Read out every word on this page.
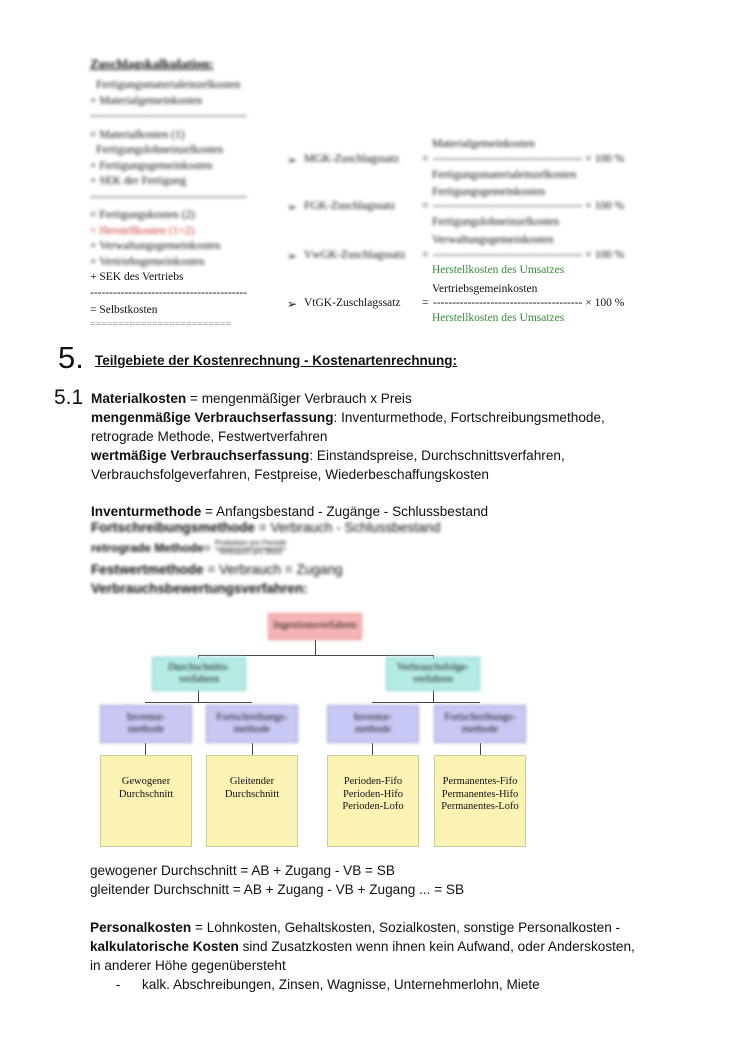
Zuschlagskalkulation:
Fertigungsmaterialeinzelkosten
+ Materialgemeinkosten
-----------------------------------------
= Materialkosten (1)
Fertigungslohneinzelkosten
+ Fertigungsgemeinkosten
+ SEK der Fertigung
-----------------------------------------
= Fertigungskosten (2)
= Herstellkosten (1+2)
+ Verwaltungsgemeinkosten
+ Vertriebsgemeinkosten
+ SEK des Vertriebs
-----------------------------------------
= Selbstkosten
=========================
Materialgemeinkosten
➢ MGK-Zuschlagssatz = --------------------------------------- × 100 %
Fertigungsmaterialeinzelkosten
Fertigungsgemeinkosten
➢ FGK-Zuschlagssatz = --------------------------------------- × 100 %
Fertigungslohneinzelkosten
Verwaltungsgemeinkosten
➢ VwGK-Zuschlagssatz = --------------------------------------- × 100 %
Herstellkosten des Umsatzes
Vertriebsgemeinkosten
➢ VtGK-Zuschlagssatz = --------------------------------------- × 100 %
Herstellkosten des Umsatzes
5. Teilgebiete der Kostenrechnung - Kostenartenrechnung:
5.1 Materialkosten = mengenmäßiger Verbrauch x Preis
mengenmäßige Verbrauchserfassung: Inventurmethode, Fortschreibungsmethode,
retrograde Methode, Festwertverfahren
wertmäßige Verbrauchserfassung: Einstandspreise, Durchschnittsverfahren,
Verbrauchsfolgeverfahren, Festpreise, Wiederbeschaffungskosten
Inventurmethode = Anfangsbestand - Zugänge - Schlussbestand
Fortschreibungsmethode = Verbrauch - Schlussbestand
retrograde Methode = Produktion pro Periode
Verbrauch pro Stück
Festwertmethode = Verbrauch = Zugang
Verbrauchsbewertungsverfahren:
Ingestionsverfahren
Durchschnitts-
verfahren
Verbrauchsfolge-
verfahren
Inventur-
methode
Fortschreibungs-
methode
Inventur-
methode
Fortschreibungs-
methode
Gewogener
Durchschnitt
Gleitender
Durchschnitt
Perioden-Fifo
Perioden-Hifo
Perioden-Lofo
Permanentes-Fifo
Permanentes-Hifo
Permanentes-Lofo
gewogener Durchschnitt = AB + Zugang - VB = SB
gleitender Durchschnitt = AB + Zugang - VB + Zugang ... = SB
Personalkosten = Lohnkosten, Gehaltskosten, Sozialkosten, sonstige Personalkosten -
kalkulatorische Kosten sind Zusatzkosten wenn ihnen kein Aufwand, oder Anderskosten,
in anderer Höhe gegenübersteht
-	kalk. Abschreibungen, Zinsen, Wagnisse, Unternehmerlohn, Miete
